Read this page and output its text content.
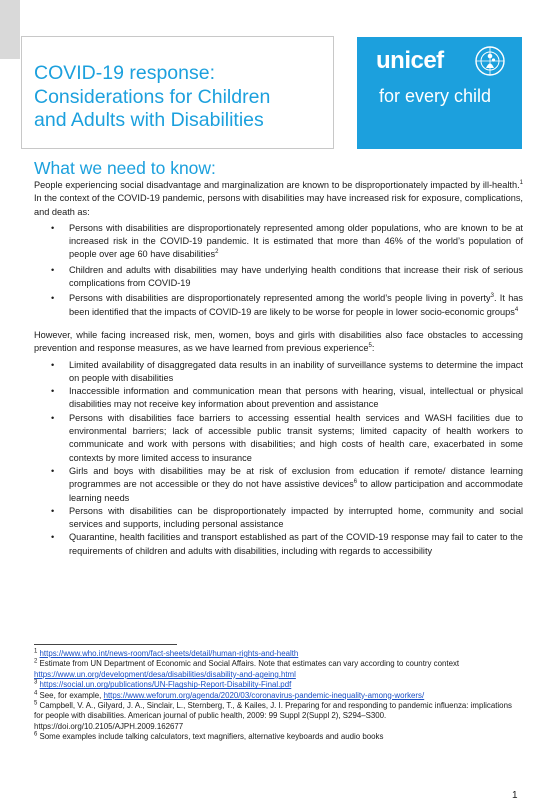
COVID-19 response:
Considerations for Children
and Adults with Disabilities
unicef
for every child
What we need to know:

People experiencing social disadvantage and marginalization are known to be disproportionately impacted by ill-health.$^1$ In the context of the COVID-19 pandemic, persons with disabilities may have increased risk for exposure, complications, and death as:

• Persons with disabilities are disproportionately represented among older populations, who are known to be at increased risk in the COVID-19 pandemic. It is estimated that more than 46% of the world’s population of people over age 60 have disabilities$^2$
• Children and adults with disabilities may have underlying health conditions that increase their risk of serious complications from COVID-19
• Persons with disabilities are disproportionately represented among the world’s people living in poverty$^3$. It has been identified that the impacts of COVID-19 are likely to be worse for people in lower socio-economic groups$^4$

However, while facing increased risk, men, women, boys and girls with disabilities also face obstacles to accessing prevention and response measures, as we have learned from previous experience$^5$:

• Limited availability of disaggregated data results in an inability of surveillance systems to determine the impact on people with disabilities
• Inaccessible information and communication mean that persons with hearing, visual, intellectual or physical disabilities may not receive key information about prevention and assistance
• Persons with disabilities face barriers to accessing essential health services and WASH facilities due to environmental barriers; lack of accessible public transit systems; limited capacity of health workers to communicate and work with persons with disabilities; and high costs of health care, exacerbated in some contexts by more limited access to insurance
• Girls and boys with disabilities may be at risk of exclusion from education if remote/ distance learning programmes are not accessible or they do not have assistive devices$^6$ to allow participation and accommodate learning needs
• Persons with disabilities can be disproportionately impacted by interrupted home, community and social services and supports, including personal assistance
• Quarantine, health facilities and transport established as part of the COVID-19 response may fail to cater to the requirements of children and adults with disabilities, including with regards to accessibility

$^1$ https://www.who.int/news-room/fact-sheets/detail/human-rights-and-health

$^2$ Estimate from UN Department of Economic and Social Affairs. Note that estimates can vary according to country context https://www.un.org/development/desa/disabilities/disability-and-ageing.html

$^3$ https://social.un.org/publications/UN-Flagship-Report-Disability-Final.pdf

$^4$ See, for example, https://www.weforum.org/agenda/2020/03/coronavirus-pandemic-inequality-among-workers/

$^5$ Campbell, V. A., Gilyard, J. A., Sinclair, L., Sternberg, T., & Kailes, J. I. Preparing for and responding to pandemic influenza: implications for people with disabilities. American journal of public health, 2009: 99 Suppl 2(Suppl 2), S294–S300. https://doi.org/10.2105/AJPH.2009.162677

$^6$ Some examples include talking calculators, text magnifiers, alternative keyboards and audio books

1
